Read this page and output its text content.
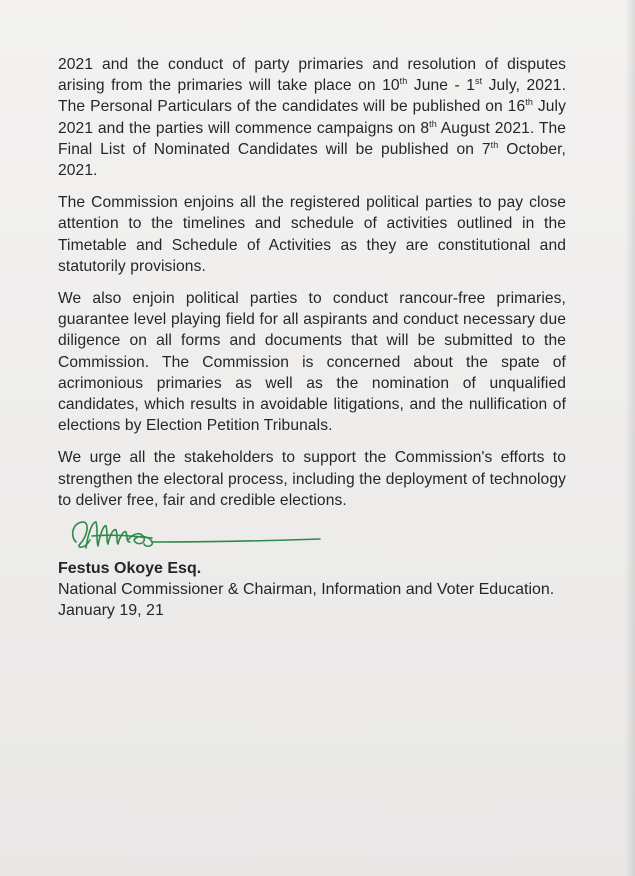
2021 and the conduct of party primaries and resolution of disputes arising from the primaries will take place on 10th June - 1st July, 2021. The Personal Particulars of the candidates will be published on 16th July 2021 and the parties will commence campaigns on 8th August 2021. The Final List of Nominated Candidates will be published on 7th October, 2021.

The Commission enjoins all the registered political parties to pay close attention to the timelines and schedule of activities outlined in the Timetable and Schedule of Activities as they are constitutional and statutorily provisions.

We also enjoin political parties to conduct rancour-free primaries, guarantee level playing field for all aspirants and conduct necessary due diligence on all forms and documents that will be submitted to the Commission. The Commission is concerned about the spate of acrimonious primaries as well as the nomination of unqualified candidates, which results in avoidable litigations, and the nullification of elections by Election Petition Tribunals.

We urge all the stakeholders to support the Commission's efforts to strengthen the electoral process, including the deployment of technology to deliver free, fair and credible elections.

Festus Okoye Esq.

National Commissioner & Chairman, Information and Voter Education.

January 19, 21
